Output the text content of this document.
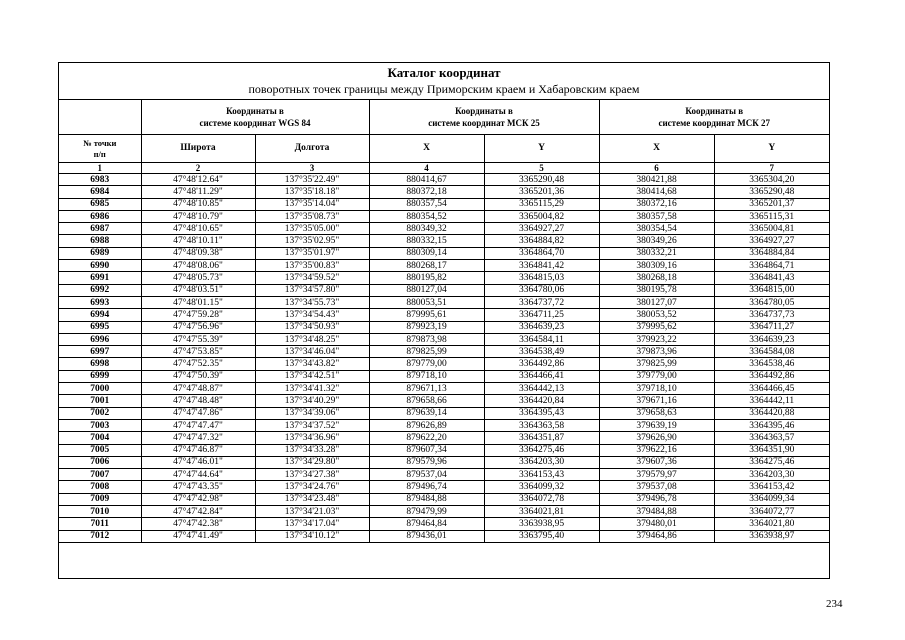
Каталог координат
поворотных точек границы между Приморским краем и Хабаровским краем
	Координаты в
системе координат WGS 84		Координаты в
системе координат МСК 25		Координаты в
системе координат МСК 27	
№ точки
п/п	Широта	Долгота	X	Y	X	Y
1	2	3	4	5	6	7
6983	47°48'12.64"	137°35'22.49"	880414,67	3365290,48	380421,88	3365304,20
6984	47°48'11.29"	137°35'18.18"	880372,18	3365201,36	380414,68	3365290,48
6985	47°48'10.85"	137°35'14.04"	880357,54	3365115,29	380372,16	3365201,37
6986	47°48'10.79"	137°35'08.73"	880354,52	3365004,82	380357,58	3365115,31
6987	47°48'10.65"	137°35'05.00"	880349,32	3364927,27	380354,54	3365004,81
6988	47°48'10.11"	137°35'02.95"	880332,15	3364884,82	380349,26	3364927,27
6989	47°48'09.38"	137°35'01.97"	880309,14	3364864,70	380332,21	3364884,84
6990	47°48'08.06"	137°35'00.83"	880268,17	3364841,42	380309,16	3364864,71
6991	47°48'05.73"	137°34'59.52"	880195,82	3364815,03	380268,18	3364841,43
6992	47°48'03.51"	137°34'57.80"	880127,04	3364780,06	380195,78	3364815,00
6993	47°48'01.15"	137°34'55.73"	880053,51	3364737,72	380127,07	3364780,05
6994	47°47'59.28"	137°34'54.43"	879995,61	3364711,25	380053,52	3364737,73
6995	47°47'56.96"	137°34'50.93"	879923,19	3364639,23	379995,62	3364711,27
6996	47°47'55.39"	137°34'48.25"	879873,98	3364584,11	379923,22	3364639,23
6997	47°47'53.85"	137°34'46.04"	879825,99	3364538,49	379873,96	3364584,08
6998	47°47'52.35"	137°34'43.82"	879779,00	3364492,86	379825,99	3364538,46
6999	47°47'50.39"	137°34'42.51"	879718,10	3364466,41	379779,00	3364492,86
7000	47°47'48.87"	137°34'41.32"	879671,13	3364442,13	379718,10	3364466,45
7001	47°47'48.48"	137°34'40.29"	879658,66	3364420,84	379671,16	3364442,11
7002	47°47'47.86"	137°34'39.06"	879639,14	3364395,43	379658,63	3364420,88
7003	47°47'47.47"	137°34'37.52"	879626,89	3364363,58	379639,19	3364395,46
7004	47°47'47.32"	137°34'36.96"	879622,20	3364351,87	379626,90	3364363,57
7005	47°47'46.87"	137°34'33.28"	879607,34	3364275,46	379622,16	3364351,90
7006	47°47'46.01"	137°34'29.80"	879579,96	3364203,30	379607,36	3364275,46
7007	47°47'44.64"	137°34'27.38"	879537,04	3364153,43	379579,97	3364203,30
7008	47°47'43.35"	137°34'24.76"	879496,74	3364099,32	379537,08	3364153,42
7009	47°47'42.98"	137°34'23.48"	879484,88	3364072,78	379496,78	3364099,34
7010	47°47'42.84"	137°34'21.03"	879479,99	3364021,81	379484,88	3364072,77
7011	47°47'42.38"	137°34'17.04"	879464,84	3363938,95	379480,01	3364021,80
7012	47°47'41.49"	137°34'10.12"	879436,01	3363795,40	379464,86	3363938,97
234
